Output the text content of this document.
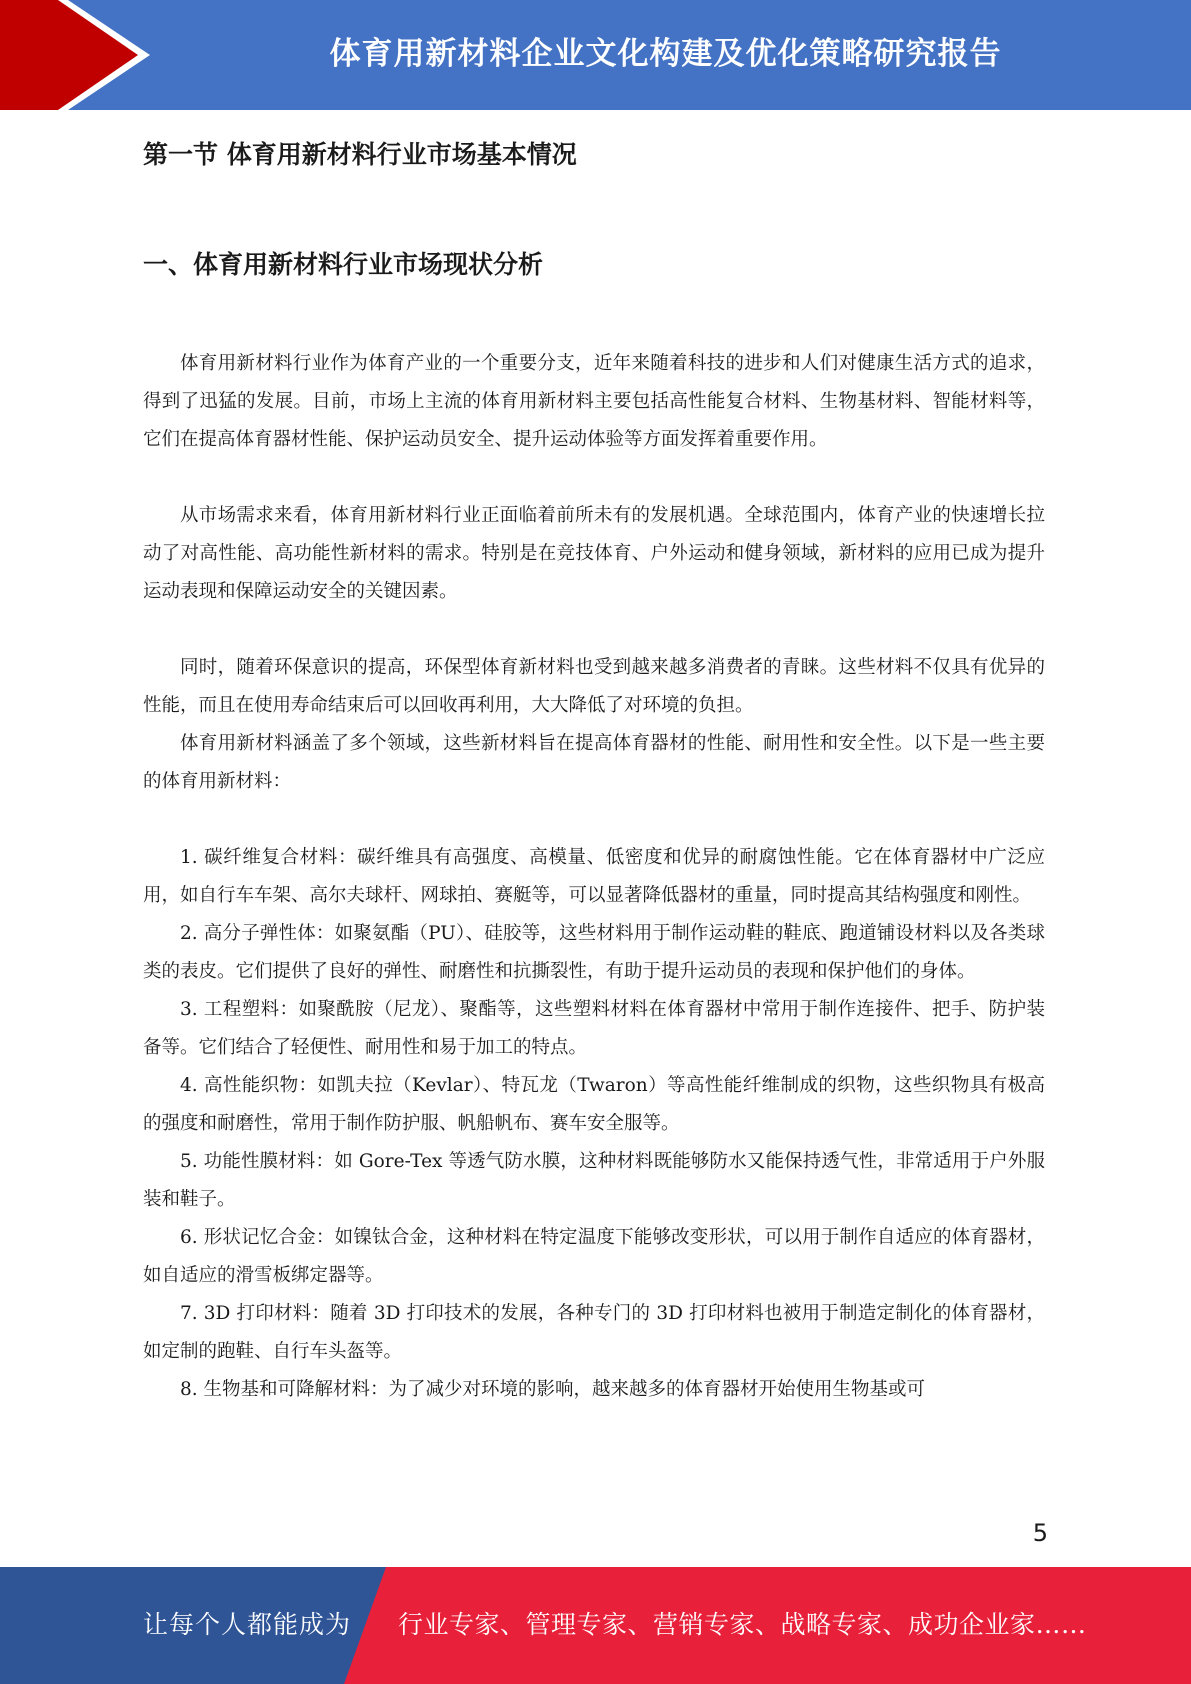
体育用新材料企业文化构建及优化策略研究报告
第一节 体育用新材料行业市场基本情况
一、体育用新材料行业市场现状分析

体育用新材料行业作为体育产业的一个重要分支，近年来随着科技的进步和人们对健康生活方式的追求，得到了迅猛的发展。目前，市场上主流的体育用新材料主要包括高性能复合材料、生物基材料、智能材料等，它们在提高体育器材性能、保护运动员安全、提升运动体验等方面发挥着重要作用。

从市场需求来看，体育用新材料行业正面临着前所未有的发展机遇。全球范围内，体育产业的快速增长拉动了对高性能、高功能性新材料的需求。特别是在竞技体育、户外运动和健身领域，新材料的应用已成为提升运动表现和保障运动安全的关键因素。

同时，随着环保意识的提高，环保型体育新材料也受到越来越多消费者的青睐。这些材料不仅具有优异的性能，而且在使用寿命结束后可以回收再利用，大大降低了对环境的负担。

体育用新材料涵盖了多个领域，这些新材料旨在提高体育器材的性能、耐用性和安全性。以下是一些主要的体育用新材料：

1. 碳纤维复合材料：碳纤维具有高强度、高模量、低密度和优异的耐腐蚀性能。它在体育器材中广泛应用，如自行车车架、高尔夫球杆、网球拍、赛艇等，可以显著降低器材的重量，同时提高其结构强度和刚性。

2. 高分子弹性体：如聚氨酯（PU）、硅胶等，这些材料用于制作运动鞋的鞋底、跑道铺设材料以及各类球类的表皮。它们提供了良好的弹性、耐磨性和抗撕裂性，有助于提升运动员的表现和保护他们的身体。

3. 工程塑料：如聚酰胺（尼龙）、聚酯等，这些塑料材料在体育器材中常用于制作连接件、把手、防护装备等。它们结合了轻便性、耐用性和易于加工的特点。

4. 高性能织物：如凯夫拉（Kevlar）、特瓦龙（Twaron）等高性能纤维制成的织物，这些织物具有极高的强度和耐磨性，常用于制作防护服、帆船帆布、赛车安全服等。

5. 功能性膜材料：如 Gore-Tex 等透气防水膜，这种材料既能够防水又能保持透气性，非常适用于户外服装和鞋子。

6. 形状记忆合金：如镍钛合金，这种材料在特定温度下能够改变形状，可以用于制作自适应的体育器材，如自适应的滑雪板绑定器等。

7. 3D 打印材料：随着 3D 打印技术的发展，各种专门的 3D 打印材料也被用于制造定制化的体育器材，如定制的跑鞋、自行车头盔等。

8. 生物基和可降解材料：为了减少对环境的影响，越来越多的体育器材开始使用生物基或可

5
让每个人都能成为 行业专家、管理专家、营销专家、战略专家、成功企业家……
